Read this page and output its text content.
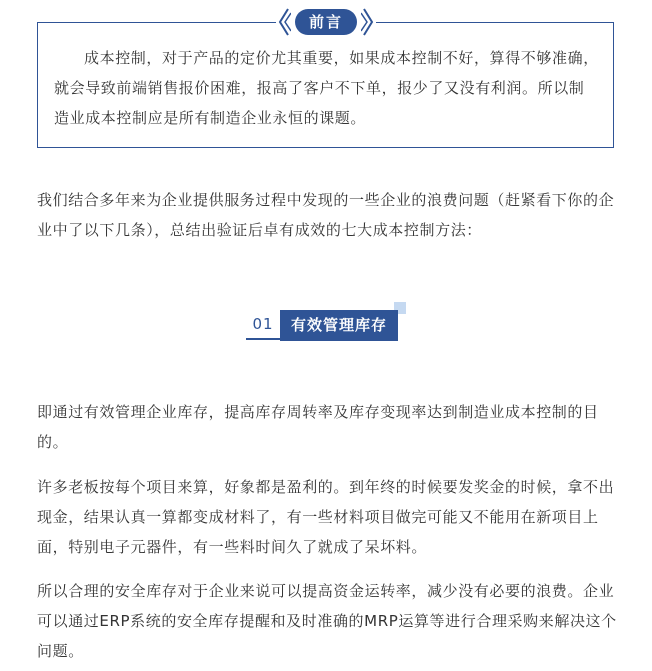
成本控制，对于产品的定价尤其重要，如果成本控制不好，算得不够准确，就会导致前端销售报价困难，报高了客户不下单，报少了又没有利润。所以制造业成本控制应是所有制造企业永恒的课题。

前言

我们结合多年来为企业提供服务过程中发现的一些企业的浪费问题（赶紧看下你的企业中了以下几条），总结出验证后卓有成效的七大成本控制方法：

01	有效管理库存

即通过有效管理企业库存，提高库存周转率及库存变现率达到制造业成本控制的目的。

许多老板按每个项目来算，好象都是盈利的。到年终的时候要发奖金的时候，拿不出现金，结果认真一算都变成材料了，有一些材料项目做完可能又不能用在新项目上面，特别电子元器件，有一些料时间久了就成了呆坏料。

所以合理的安全库存对于企业来说可以提高资金运转率，减少没有必要的浪费。企业可以通过ERP系统的安全库存提醒和及时准确的MRP运算等进行合理采购来解决这个问题。
